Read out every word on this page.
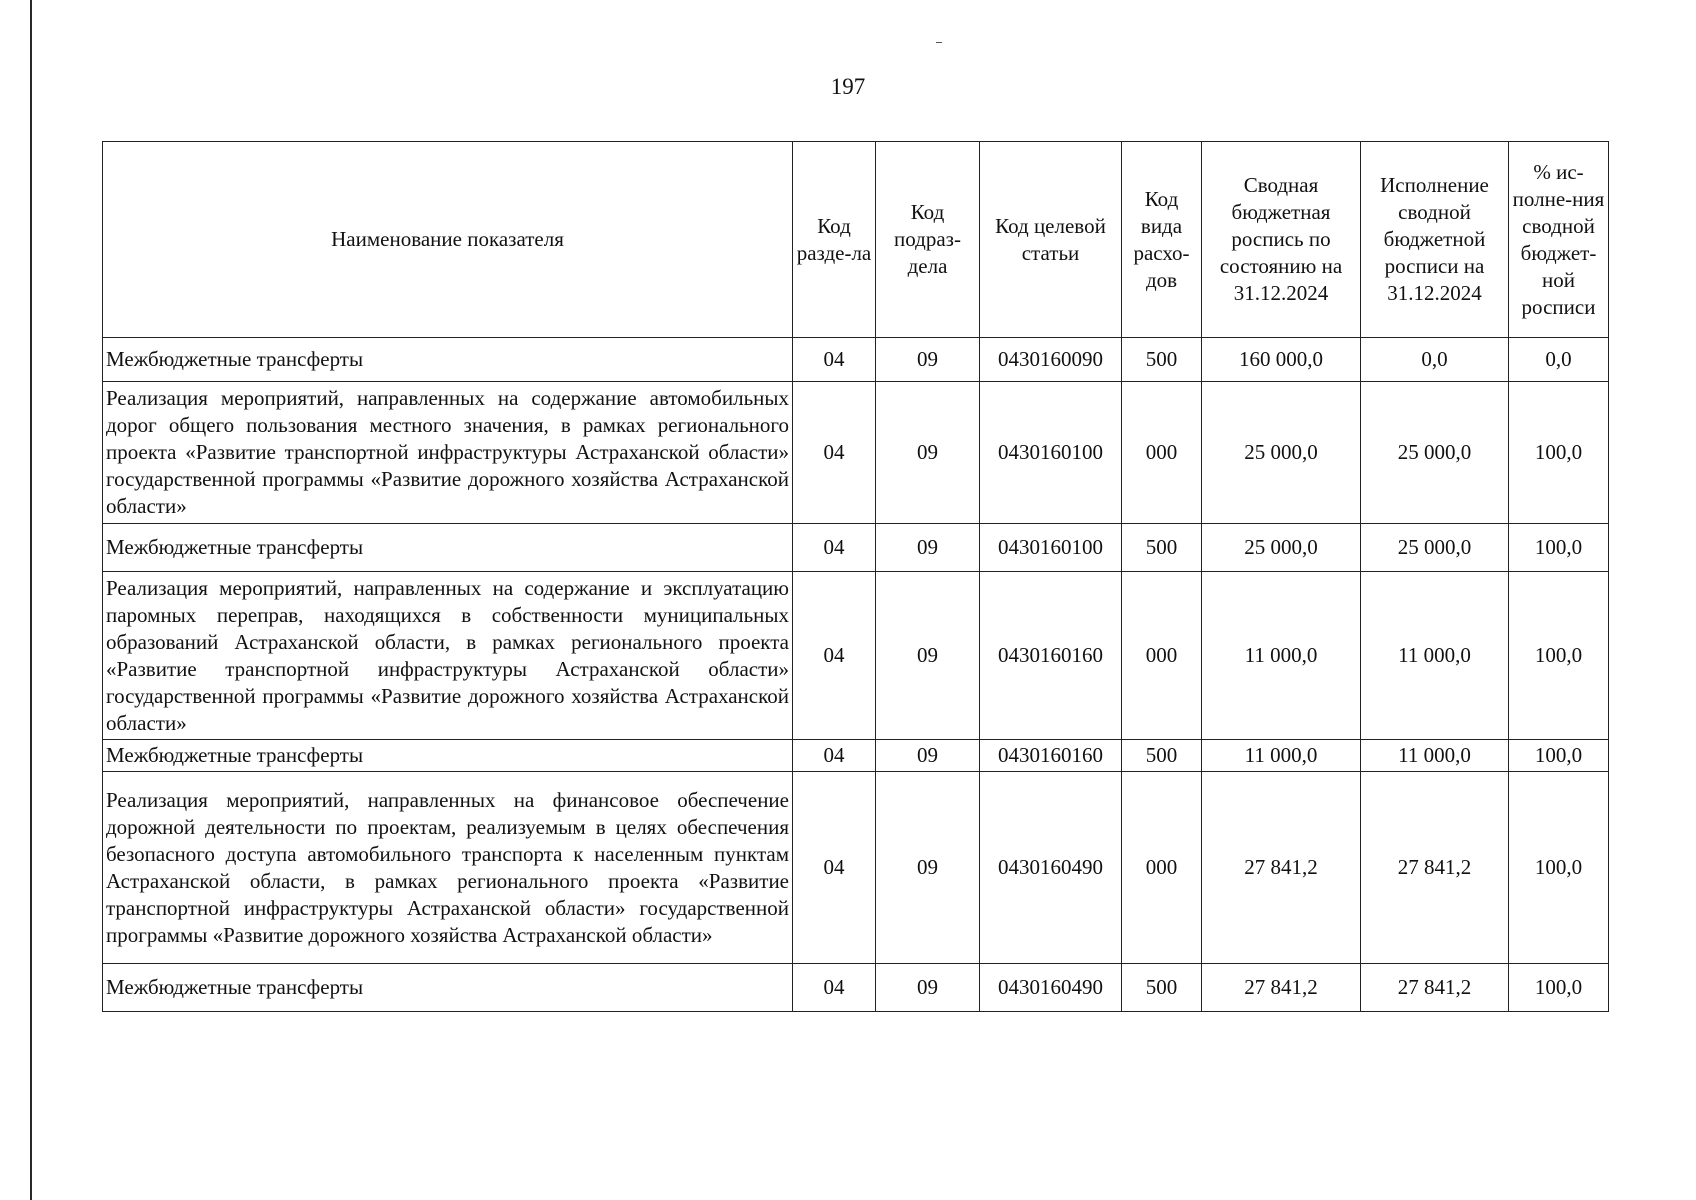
197
Наименование показателя	Код разде-ла	Код подраз-дела	Код целевой статьи	Код вида расхо-дов	Сводная бюджетная роспись по состоянию на 31.12.2024	Исполнение сводной бюджетной росписи на 31.12.2024	% ис-полне-ния сводной бюджет-ной росписи
Межбюджетные трансферты	04	09	0430160090	500	160 000,0	0,0	0,0
Реализация мероприятий, направленных на содержание автомобильных дорог общего пользования местного значения, в рамках регионального проекта «Развитие транспортной инфраструктуры Астраханской области» государственной программы «Развитие дорожного хозяйства Астраханской области»	04	09	0430160100	000	25 000,0	25 000,0	100,0
Межбюджетные трансферты	04	09	0430160100	500	25 000,0	25 000,0	100,0
Реализация мероприятий, направленных на содержание и эксплуатацию паромных переправ, находящихся в собственности муниципальных образований Астраханской области, в рамках регионального проекта «Развитие транспортной инфраструктуры Астраханской области» государственной программы «Развитие дорожного хозяйства Астраханской области»	04	09	0430160160	000	11 000,0	11 000,0	100,0
Межбюджетные трансферты	04	09	0430160160	500	11 000,0	11 000,0	100,0
Реализация мероприятий, направленных на финансовое обеспечение дорожной деятельности по проектам, реализуемым в целях обеспечения безопасного доступа автомобильного транспорта к населенным пунктам Астраханской области, в рамках регионального проекта «Развитие транспортной инфраструктуры Астраханской области» государственной программы «Развитие дорожного хозяйства Астраханской области»	04	09	0430160490	000	27 841,2	27 841,2	100,0
Межбюджетные трансферты	04	09	0430160490	500	27 841,2	27 841,2	100,0
